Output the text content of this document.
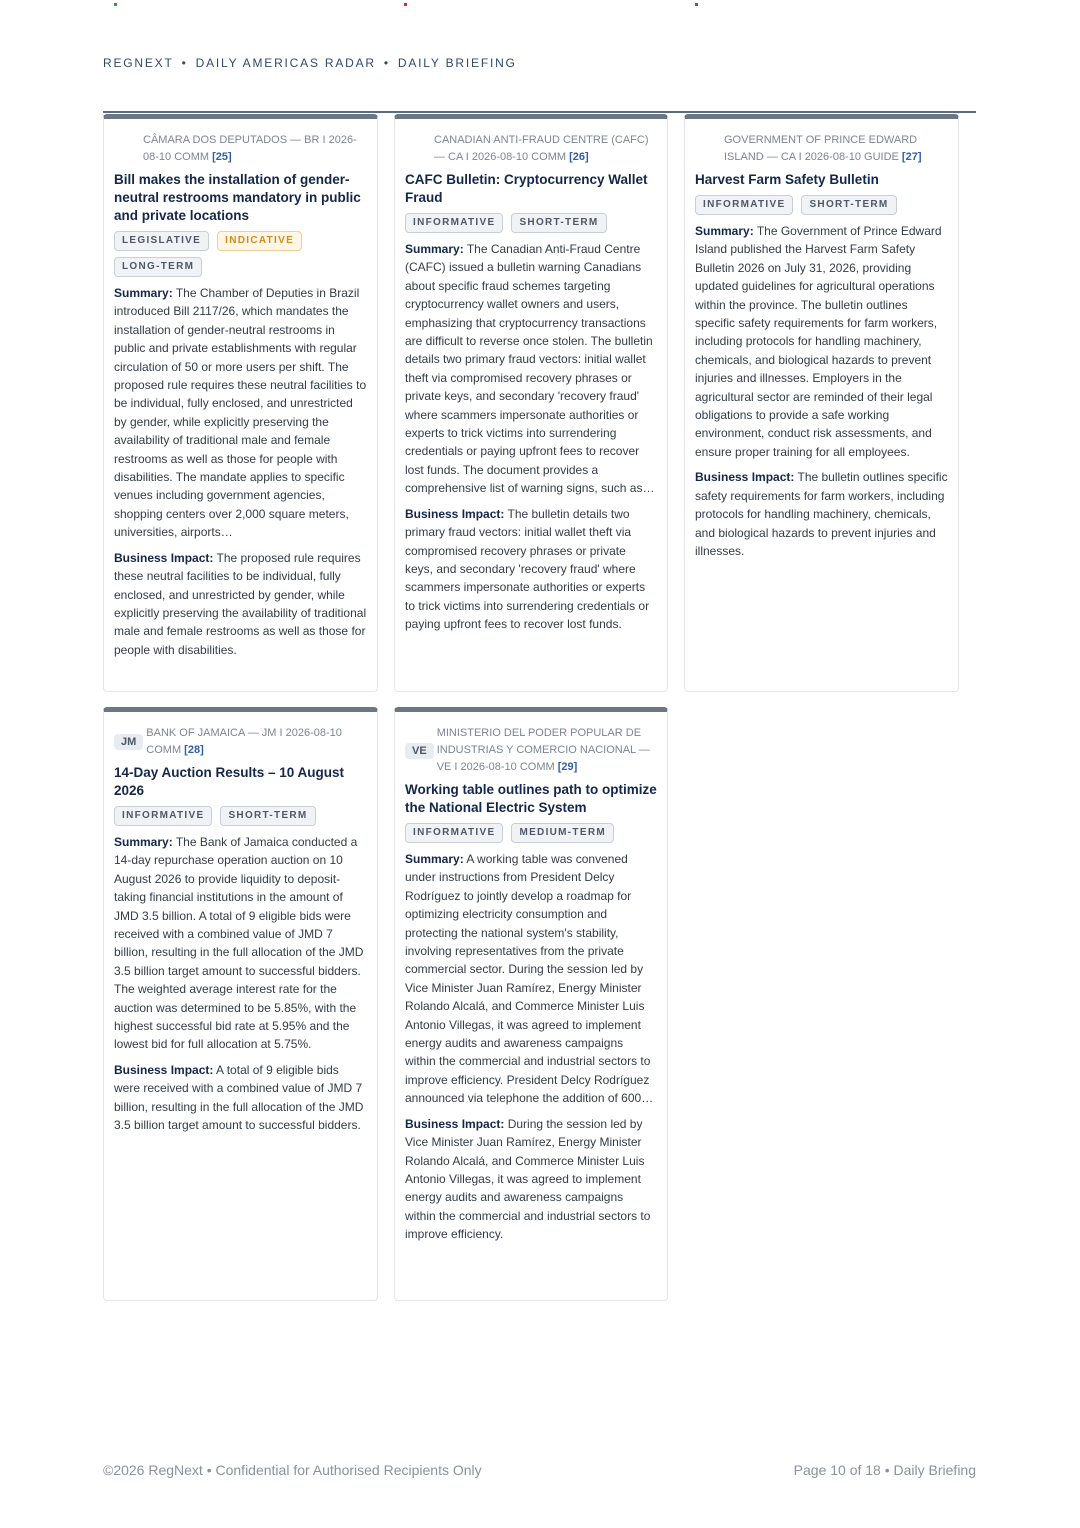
REGNEXT • DAILY AMERICAS RADAR • DAILY BRIEFING
CÂMARA DOS DEPUTADOS — BR I 2026-08-10 COMM [25]
Bill makes the installation of gender-neutral restrooms mandatory in public and private locations
LEGISLATIVE	INDICATIVE
LONG-TERM
Summary: The Chamber of Deputies in Brazil introduced Bill 2117/26, which mandates the installation of gender-neutral restrooms in public and private establishments with regular circulation of 50 or more users per shift. The proposed rule requires these neutral facilities to be individual, fully enclosed, and unrestricted by gender, while explicitly preserving the availability of traditional male and female restrooms as well as those for people with disabilities. The mandate applies to specific venues including government agencies, shopping centers over 2,000 square meters, universities, airports…
Business Impact: The proposed rule requires these neutral facilities to be individual, fully enclosed, and unrestricted by gender, while explicitly preserving the availability of traditional male and female restrooms as well as those for people with disabilities.
CANADIAN ANTI-FRAUD CENTRE (CAFC) — CA I 2026-08-10 COMM [26]
CAFC Bulletin: Cryptocurrency Wallet Fraud
INFORMATIVE	SHORT-TERM
Summary: The Canadian Anti-Fraud Centre (CAFC) issued a bulletin warning Canadians about specific fraud schemes targeting cryptocurrency wallet owners and users, emphasizing that cryptocurrency transactions are difficult to reverse once stolen. The bulletin details two primary fraud vectors: initial wallet theft via compromised recovery phrases or private keys, and secondary 'recovery fraud' where scammers impersonate authorities or experts to trick victims into surrendering credentials or paying upfront fees to recover lost funds. The document provides a comprehensive list of warning signs, such as…
Business Impact: The bulletin details two primary fraud vectors: initial wallet theft via compromised recovery phrases or private keys, and secondary 'recovery fraud' where scammers impersonate authorities or experts to trick victims into surrendering credentials or paying upfront fees to recover lost funds.
GOVERNMENT OF PRINCE EDWARD ISLAND — CA I 2026-08-10 GUIDE [27]
Harvest Farm Safety Bulletin
INFORMATIVE	SHORT-TERM
Summary: The Government of Prince Edward Island published the Harvest Farm Safety Bulletin 2026 on July 31, 2026, providing updated guidelines for agricultural operations within the province. The bulletin outlines specific safety requirements for farm workers, including protocols for handling machinery, chemicals, and biological hazards to prevent injuries and illnesses. Employers in the agricultural sector are reminded of their legal obligations to provide a safe working environment, conduct risk assessments, and ensure proper training for all employees.
Business Impact: The bulletin outlines specific safety requirements for farm workers, including protocols for handling machinery, chemicals, and biological hazards to prevent injuries and illnesses.
JM
BANK OF JAMAICA — JM I 2026-08-10 COMM [28]
14-Day Auction Results – 10 August 2026
INFORMATIVE	SHORT-TERM
Summary: The Bank of Jamaica conducted a 14-day repurchase operation auction on 10 August 2026 to provide liquidity to deposit-taking financial institutions in the amount of JMD 3.5 billion. A total of 9 eligible bids were received with a combined value of JMD 7 billion, resulting in the full allocation of the JMD 3.5 billion target amount to successful bidders. The weighted average interest rate for the auction was determined to be 5.85%, with the highest successful bid rate at 5.95% and the lowest bid for full allocation at 5.75%.
Business Impact: A total of 9 eligible bids were received with a combined value of JMD 7 billion, resulting in the full allocation of the JMD 3.5 billion target amount to successful bidders.
VE
MINISTERIO DEL PODER POPULAR DE INDUSTRIAS Y COMERCIO NACIONAL — VE I 2026-08-10 COMM [29]
Working table outlines path to optimize the National Electric System
INFORMATIVE	MEDIUM-TERM
Summary: A working table was convened under instructions from President Delcy Rodríguez to jointly develop a roadmap for optimizing electricity consumption and protecting the national system's stability, involving representatives from the private commercial sector. During the session led by Vice Minister Juan Ramírez, Energy Minister Rolando Alcalá, and Commerce Minister Luis Antonio Villegas, it was agreed to implement energy audits and awareness campaigns within the commercial and industrial sectors to improve efficiency. President Delcy Rodríguez announced via telephone the addition of 600…
Business Impact: During the session led by Vice Minister Juan Ramírez, Energy Minister Rolando Alcalá, and Commerce Minister Luis Antonio Villegas, it was agreed to implement energy audits and awareness campaigns within the commercial and industrial sectors to improve efficiency.
©2026 RegNext • Confidential for Authorised Recipients Only	Page 10 of 18 • Daily Briefing
